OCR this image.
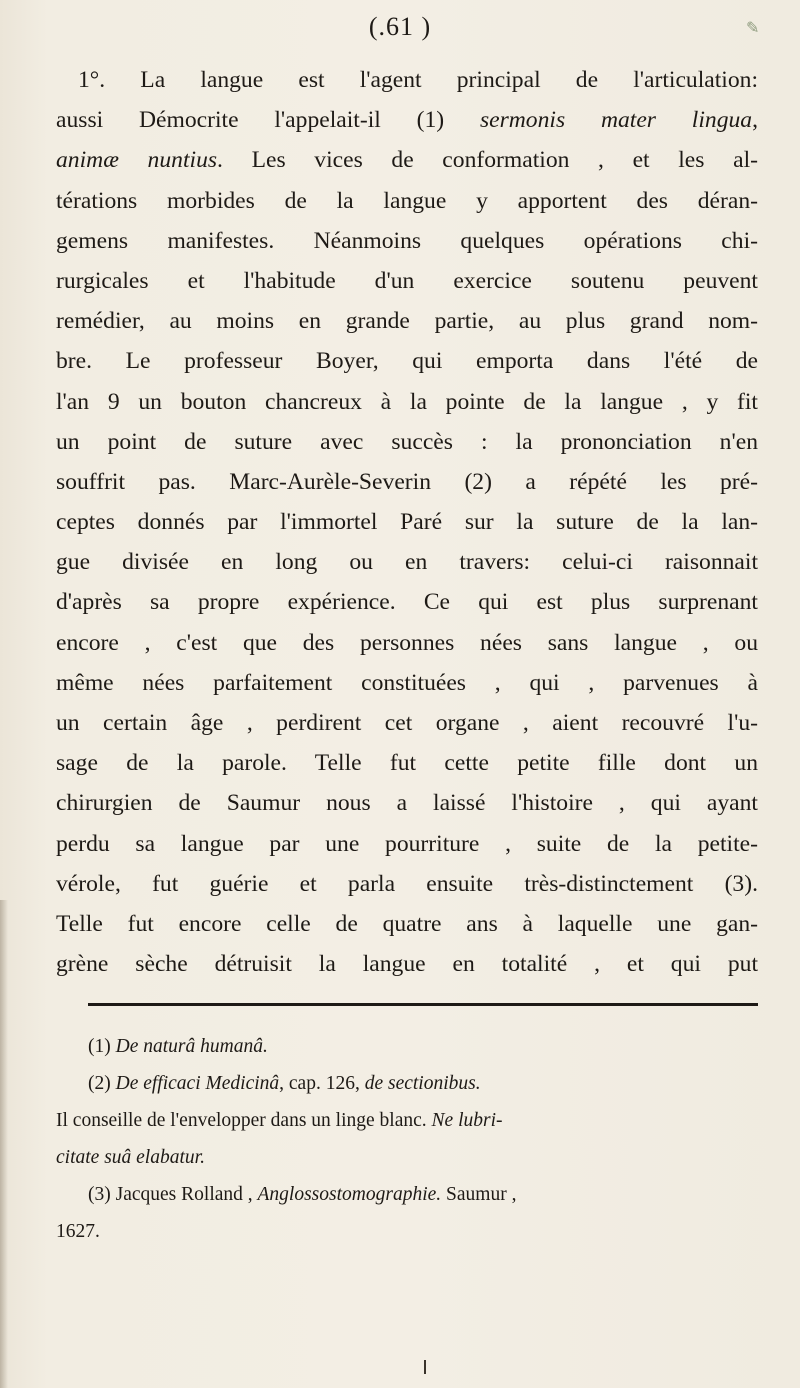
(.61 )	✎
1°. La langue est l'agent principal de l'articulation:
aussi Démocrite l'appelait-il (1) sermonis mater lingua,
animæ nuntius. Les vices de conformation , et les al-
térations morbides de la langue y apportent des déran-
gemens manifestes. Néanmoins quelques opérations chi-
rurgicales et l'habitude d'un exercice soutenu peuvent
remédier, au moins en grande partie, au plus grand nom-
bre. Le professeur Boyer, qui emporta dans l'été de
l'an 9 un bouton chancreux à la pointe de la langue , y fit
un point de suture avec succès : la prononciation n'en
souffrit pas. Marc-Aurèle-Severin (2) a répété les pré-
ceptes donnés par l'immortel Paré sur la suture de la lan-
gue divisée en long ou en travers: celui-ci raisonnait
d'après sa propre expérience. Ce qui est plus surprenant
encore , c'est que des personnes nées sans langue , ou
même nées parfaitement constituées , qui , parvenues à
un certain âge , perdirent cet organe , aient recouvré l'u-
sage de la parole. Telle fut cette petite fille dont un
chirurgien de Saumur nous a laissé l'histoire , qui ayant
perdu sa langue par une pourriture , suite de la petite-
vérole, fut guérie et parla ensuite très-distinctement (3).
Telle fut encore celle de quatre ans à laquelle une gan-
grène sèche détruisit la langue en totalité , et qui put
(1) De naturâ humanâ.
(2) De efficaci Medicinâ, cap. 126, de sectionibus.
Il conseille de l'envelopper dans un linge blanc. Ne lubri-
citate suâ elabatur.
(3) Jacques Rolland , Anglossostomographie. Saumur ,
1627.
